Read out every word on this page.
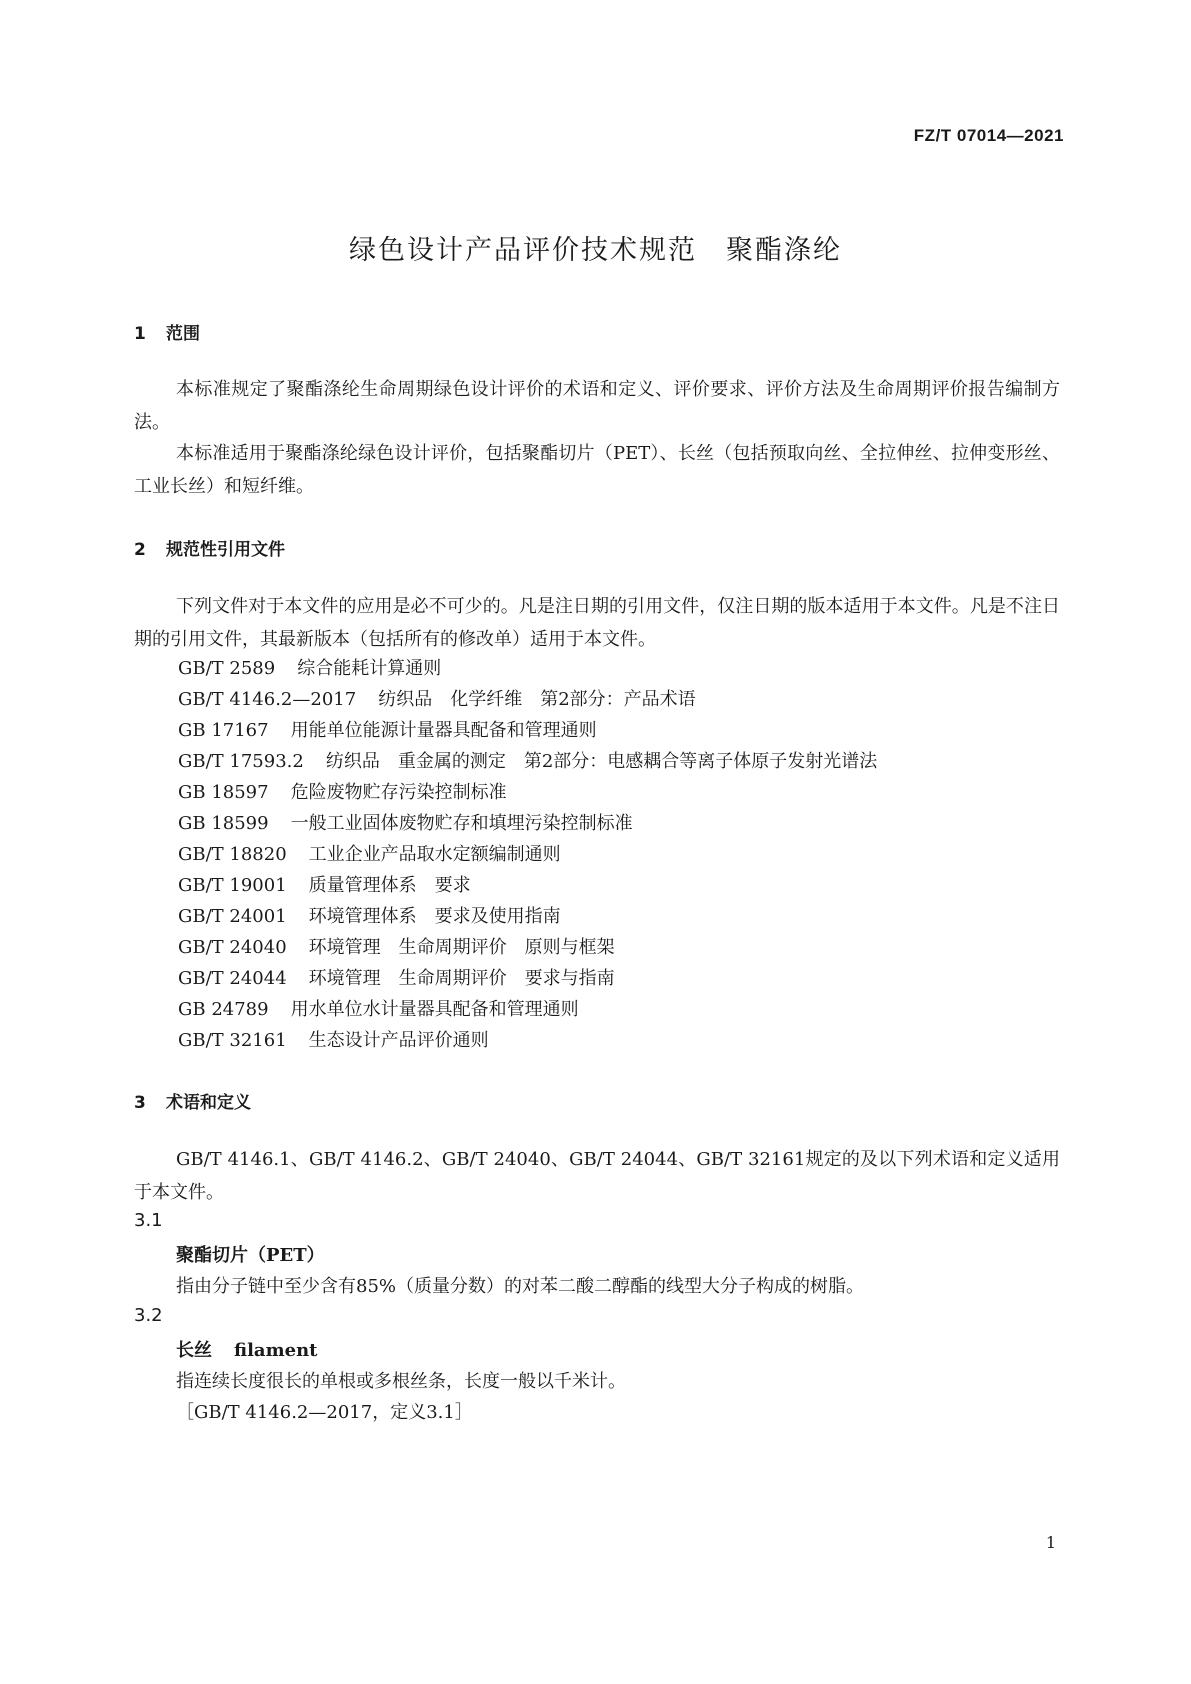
FZ/T 07014—2021
绿色设计产品评价技术规范　聚酯涤纶
1 范围
本标准规定了聚酯涤纶生命周期绿色设计评价的术语和定义、评价要求、评价方法及生命周期评价报告编制方法。
本标准适用于聚酯涤纶绿色设计评价，包括聚酯切片（PET）、长丝（包括预取向丝、全拉伸丝、拉伸变形丝、工业长丝）和短纤维。
2 规范性引用文件
下列文件对于本文件的应用是必不可少的。凡是注日期的引用文件，仅注日期的版本适用于本文件。凡是不注日期的引用文件，其最新版本（包括所有的修改单）适用于本文件。
GB/T 2589 综合能耗计算通则
GB/T 4146.2—2017 纺织品　化学纤维　第2部分：产品术语
GB 17167 用能单位能源计量器具配备和管理通则
GB/T 17593.2 纺织品　重金属的测定　第2部分：电感耦合等离子体原子发射光谱法
GB 18597 危险废物贮存污染控制标准
GB 18599 一般工业固体废物贮存和填埋污染控制标准
GB/T 18820 工业企业产品取水定额编制通则
GB/T 19001 质量管理体系　要求
GB/T 24001 环境管理体系　要求及使用指南
GB/T 24040 环境管理　生命周期评价　原则与框架
GB/T 24044 环境管理　生命周期评价　要求与指南
GB 24789 用水单位水计量器具配备和管理通则
GB/T 32161 生态设计产品评价通则
3 术语和定义
GB/T 4146.1、GB/T 4146.2、GB/T 24040、GB/T 24044、GB/T 32161规定的及以下列术语和定义适用于本文件。
3.1
聚酯切片（PET）
指由分子链中至少含有85%（质量分数）的对苯二酸二醇酯的线型大分子构成的树脂。
3.2
长丝 filament
指连续长度很长的单根或多根丝条，长度一般以千米计。
［GB/T 4146.2—2017，定义3.1］
1
